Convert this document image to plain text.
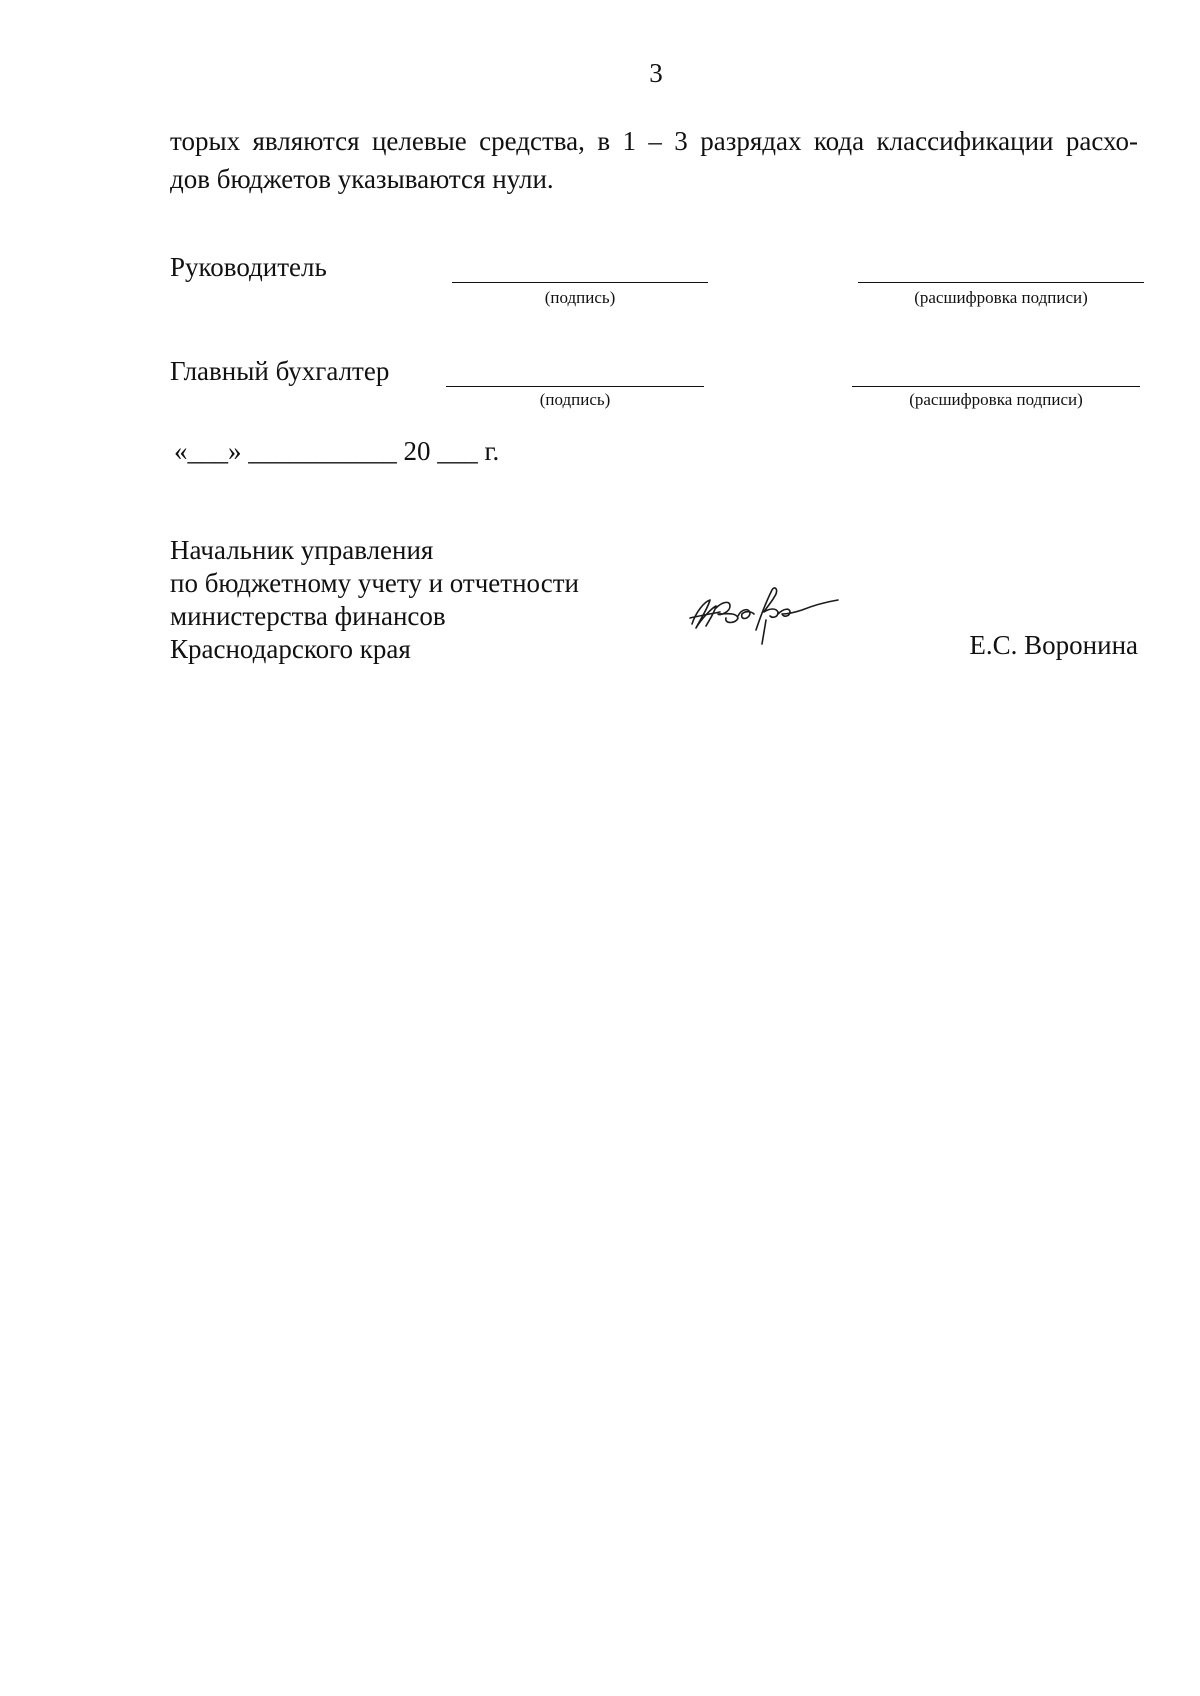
3
торых являются целевые средства, в 1 – 3 разрядах кода классификации расхо-
дов бюджетов указываются нули.
Руководитель
(подпись)	(расшифровка подписи)
Главный бухгалтер
(подпись)	(расшифровка подписи)
«___» ___________ 20 ___ г.
Начальник управления
по бюджетному учету и отчетности
министерства финансов
Краснодарского края	Е.С. Воронина
